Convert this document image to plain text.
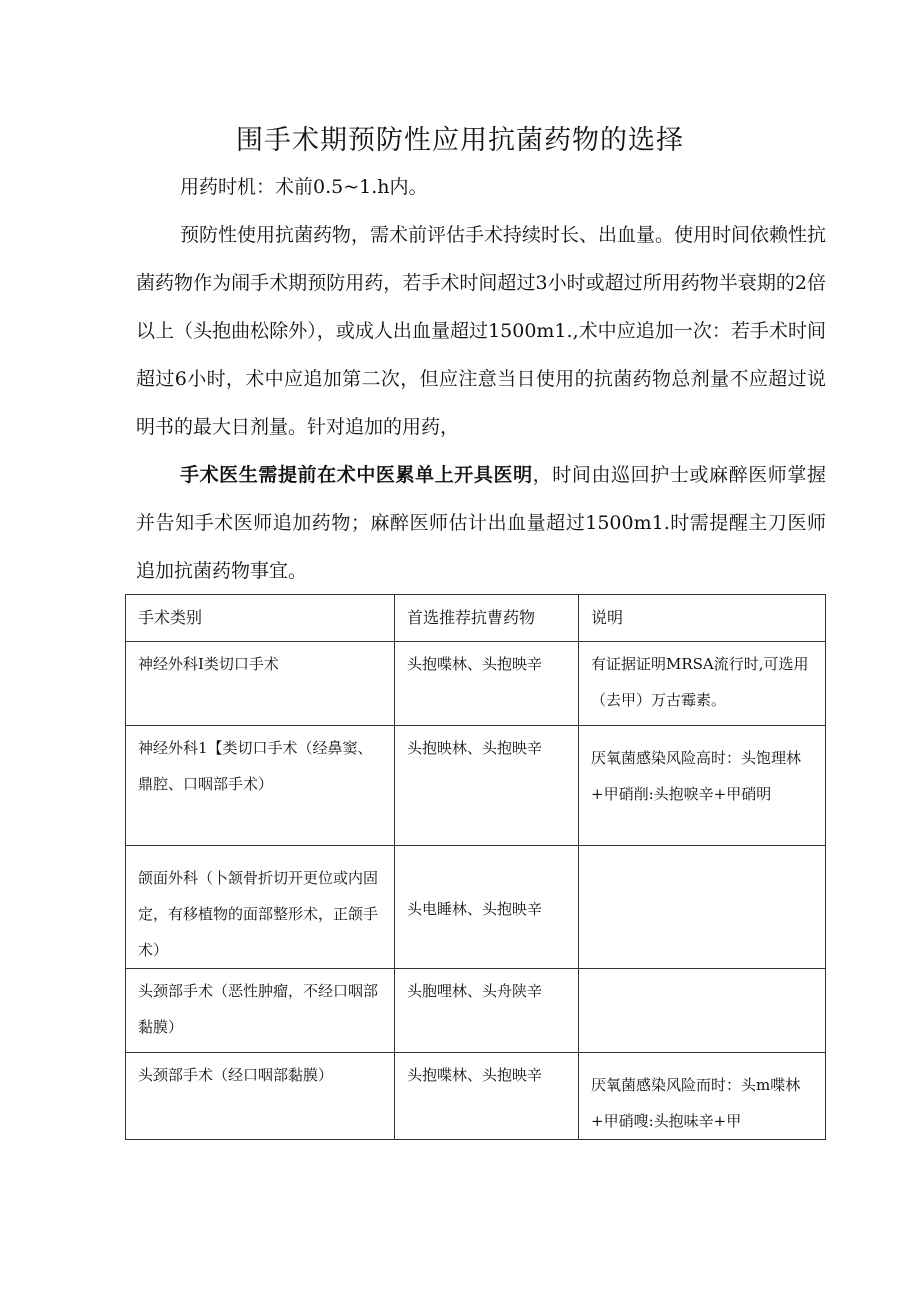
围手术期预防性应用抗菌药物的选择

用药时机：术前0.5~1.h内。

预防性使用抗菌药物，需术前评估手术持续时长、出血量。使用时间依赖性抗菌药物作为闹手术期预防用药，若手术时间超过3小时或超过所用药物半衰期的2倍以上（头抱曲松除外），或成人出血量超过1500m1.,术中应追加一次：若手术时间超过6小时，术中应追加第二次，但应注意当日使用的抗菌药物总剂量不应超过说明书的最大日剂量。针对追加的用药，

手术医生需提前在术中医累单上开具医明，时间由巡回护士或麻醉医师掌握并告知手术医师追加药物；麻醉医师估计出血量超过1500m1.时需提醒主刀医师追加抗菌药物事宜。

手术类别	首选推荐抗曹药物	说明
神经外科I类切口手术	头抱喋林、头抱映辛	有证据证明MRSA流行时,可选用（去甲）万古霉素。
神经外科1【类切口手术（经鼻窦、鼎腔、口咽部手术）	头抱映林、头抱映辛	厌氧菌感染风险高时：头饱理林+甲硝削:头抱唳辛+甲硝明
颌面外科（卜颔骨折切开更位或内固定，有移植物的面部整形术，正颌手术）	头电睡林、头抱映辛	
头颈部手术（恶性肿瘤，不经口咽部黏膜）	头胞哩林、头舟陕辛	
头颈部手术（经口咽部黏膜）	头抱喋林、头抱映辛	厌氧菌感染风险而时：头m喋林+甲硝嗖:头抱味辛+甲
